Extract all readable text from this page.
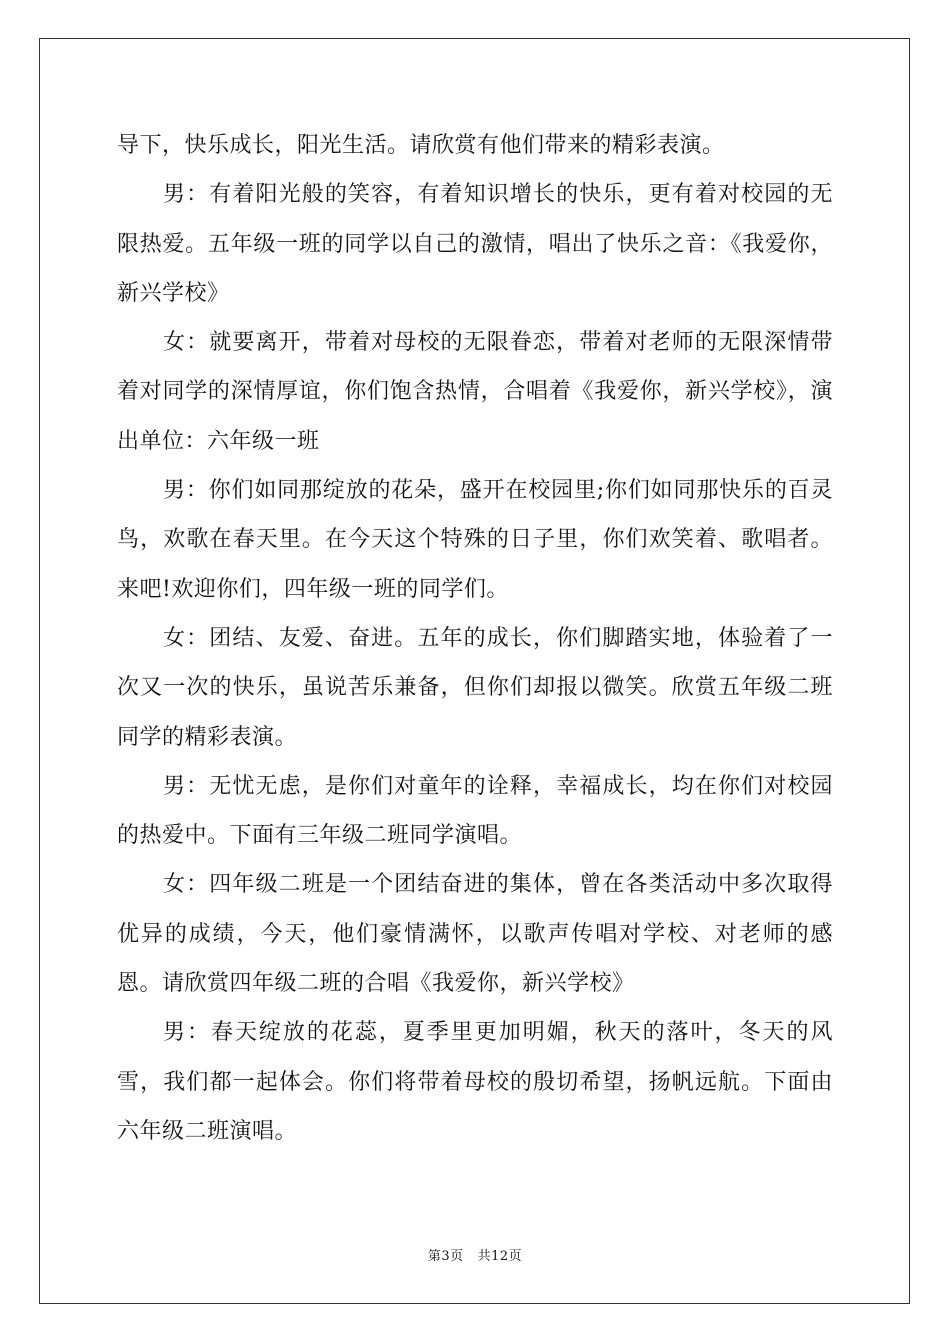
导下，快乐成长，阳光生活。请欣赏有他们带来的精彩表演。

男：有着阳光般的笑容，有着知识增长的快乐，更有着对校园的无限热爱。五年级一班的同学以自己的激情，唱出了快乐之音：《我爱你，新兴学校》

女：就要离开，带着对母校的无限眷恋，带着对老师的无限深情带着对同学的深情厚谊，你们饱含热情，合唱着《我爱你，新兴学校》，演出单位：六年级一班

男：你们如同那绽放的花朵，盛开在校园里;你们如同那快乐的百灵鸟，欢歌在春天里。在今天这个特殊的日子里，你们欢笑着、歌唱者。来吧!欢迎你们，四年级一班的同学们。

女：团结、友爱、奋进。五年的成长，你们脚踏实地，体验着了一次又一次的快乐，虽说苦乐兼备，但你们却报以微笑。欣赏五年级二班同学的精彩表演。

男：无忧无虑，是你们对童年的诠释，幸福成长，均在你们对校园的热爱中。下面有三年级二班同学演唱。

女：四年级二班是一个团结奋进的集体，曾在各类活动中多次取得优异的成绩，今天，他们豪情满怀，以歌声传唱对学校、对老师的感恩。请欣赏四年级二班的合唱《我爱你，新兴学校》

男：春天绽放的花蕊，夏季里更加明媚，秋天的落叶，冬天的风雪，我们都一起体会。你们将带着母校的殷切希望，扬帆远航。下面由六年级二班演唱。

第3页 共12页
